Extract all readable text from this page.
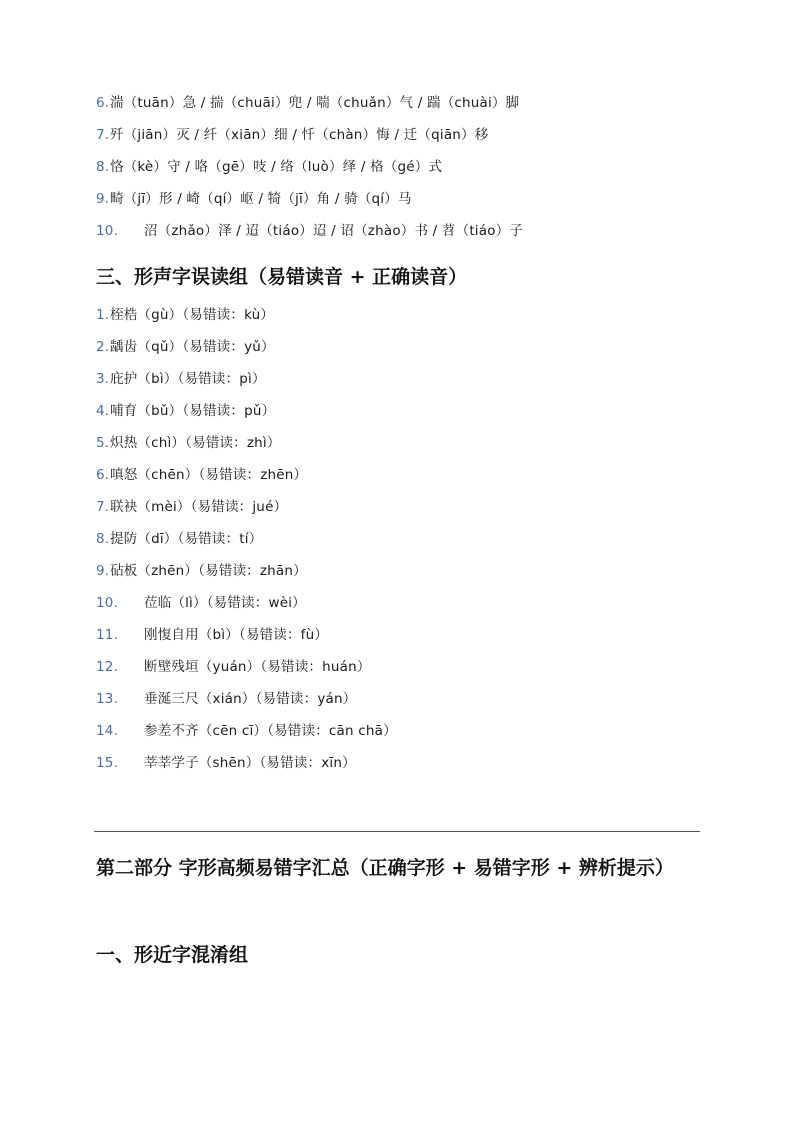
6.湍（tuān）急 / 揣（chuāi）兜 / 喘（chuǎn）气 / 踹（chuài）脚
7.歼（jiān）灭 / 纤（xiān）细 / 忏（chàn）悔 / 迁（qiān）移
8.恪（kè）守 / 咯（gē）吱 / 络（luò）绎 / 格（gé）式
9.畸（jī）形 / 崎（qí）岖 / 犄（jī）角 / 骑（qí）马
10. 沼（zhǎo）泽 / 迢（tiáo）迢 / 诏（zhào）书 / 苕（tiáo）子
三、形声字误读组（易错读音 + 正确读音）
1.桎梏（gù）（易错读：kù）
2.龋齿（qǔ）（易错读：yǔ）
3.庇护（bì）（易错读：pì）
4.哺育（bǔ）（易错读：pǔ）
5.炽热（chì）（易错读：zhì）
6.嗔怒（chēn）（易错读：zhēn）
7.联袂（mèi）（易错读：jué）
8.提防（dī）（易错读：tí）
9.砧板（zhēn）（易错读：zhān）
10. 莅临（lì）（易错读：wèi）
11. 刚愎自用（bì）（易错读：fù）
12. 断壁残垣（yuán）（易错读：huán）
13. 垂涎三尺（xián）（易错读：yán）
14. 参差不齐（cēn cī）（易错读：cān chā）
15. 莘莘学子（shēn）（易错读：xīn）
第二部分 字形高频易错字汇总（正确字形 + 易错字形 + 辨析提示）
一、形近字混淆组
